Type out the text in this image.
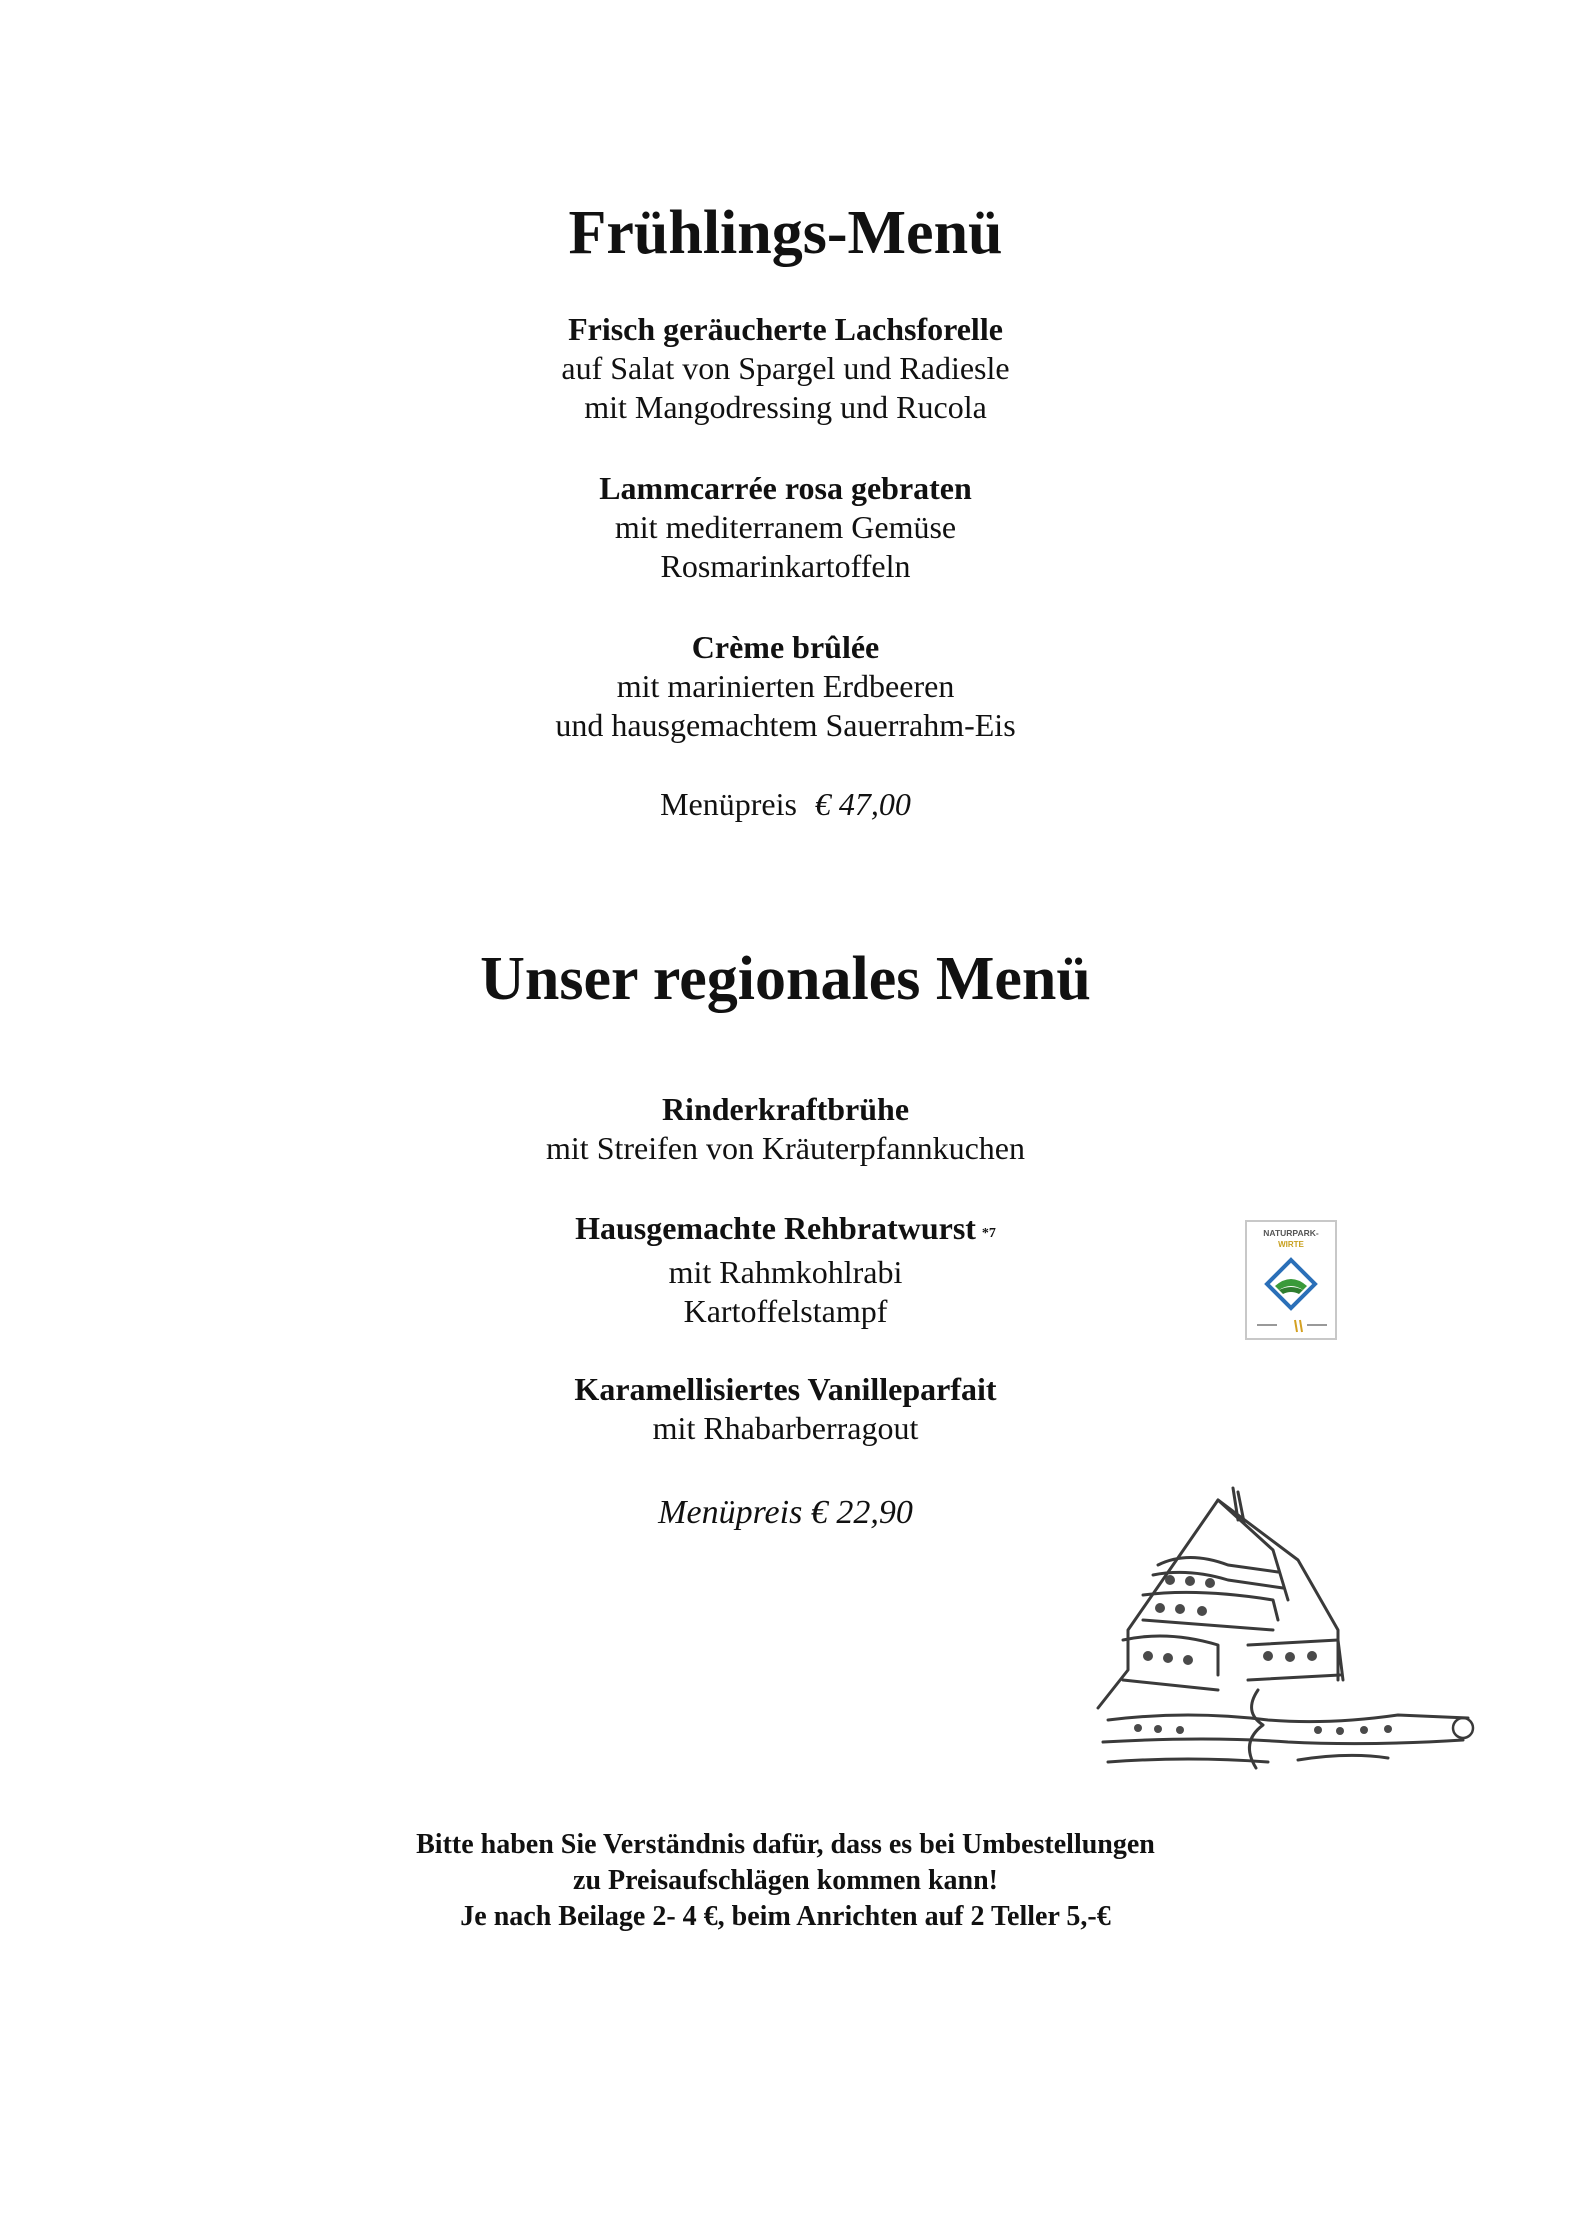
Frühlings-Menü
Frisch geräucherte Lachsforelle
auf Salat von Spargel und Radiesle
mit Mangodressing und Rucola
Lammcarrée rosa gebraten
mit mediterranem Gemüse
Rosmarinkartoffeln
Crème brûlée
mit marinierten Erdbeeren
und hausgemachtem Sauerrahm-Eis
Menüpreis € 47,00
Unser regionales Menü
Rinderkraftbrühe
mit Streifen von Kräuterpfannkuchen
Hausgemachte Rehbratwurst *7
mit Rahmkohlrabi
Kartoffelstampf
Karamellisiertes Vanilleparfait
mit Rhabarberragout
Menüpreis € 22,90
NATURPARK-
WIRTE
Bitte haben Sie Verständnis dafür, dass es bei Umbestellungen
zu Preisaufschlägen kommen kann!
Je nach Beilage 2- 4 €, beim Anrichten auf 2 Teller 5,-€
